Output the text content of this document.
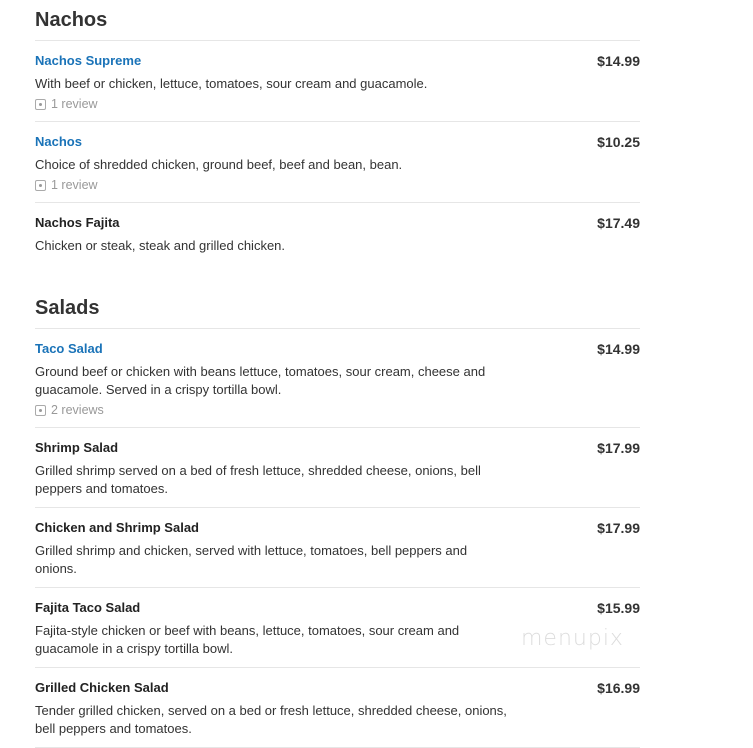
Nachos
Nachos Supreme	$14.99
With beef or chicken, lettuce, tomatoes, sour cream and guacamole.
1 review
Nachos	$10.25
Choice of shredded chicken, ground beef, beef and bean, bean.
1 review
Nachos Fajita	$17.49
Chicken or steak, steak and grilled chicken.
Salads
Taco Salad	$14.99
Ground beef or chicken with beans lettuce, tomatoes, sour cream, cheese and guacamole. Served in a crispy tortilla bowl.
2 reviews
Shrimp Salad	$17.99
Grilled shrimp served on a bed of fresh lettuce, shredded cheese, onions, bell peppers and tomatoes.
Chicken and Shrimp Salad	$17.99
Grilled shrimp and chicken, served with lettuce, tomatoes, bell peppers and onions.
Fajita Taco Salad	$15.99
Fajita-style chicken or beef with beans, lettuce, tomatoes, sour cream and guacamole in a crispy tortilla bowl.
Grilled Chicken Salad	$16.99
Tender grilled chicken, served on a bed or fresh lettuce, shredded cheese, onions, bell peppers and tomatoes.
menupix
